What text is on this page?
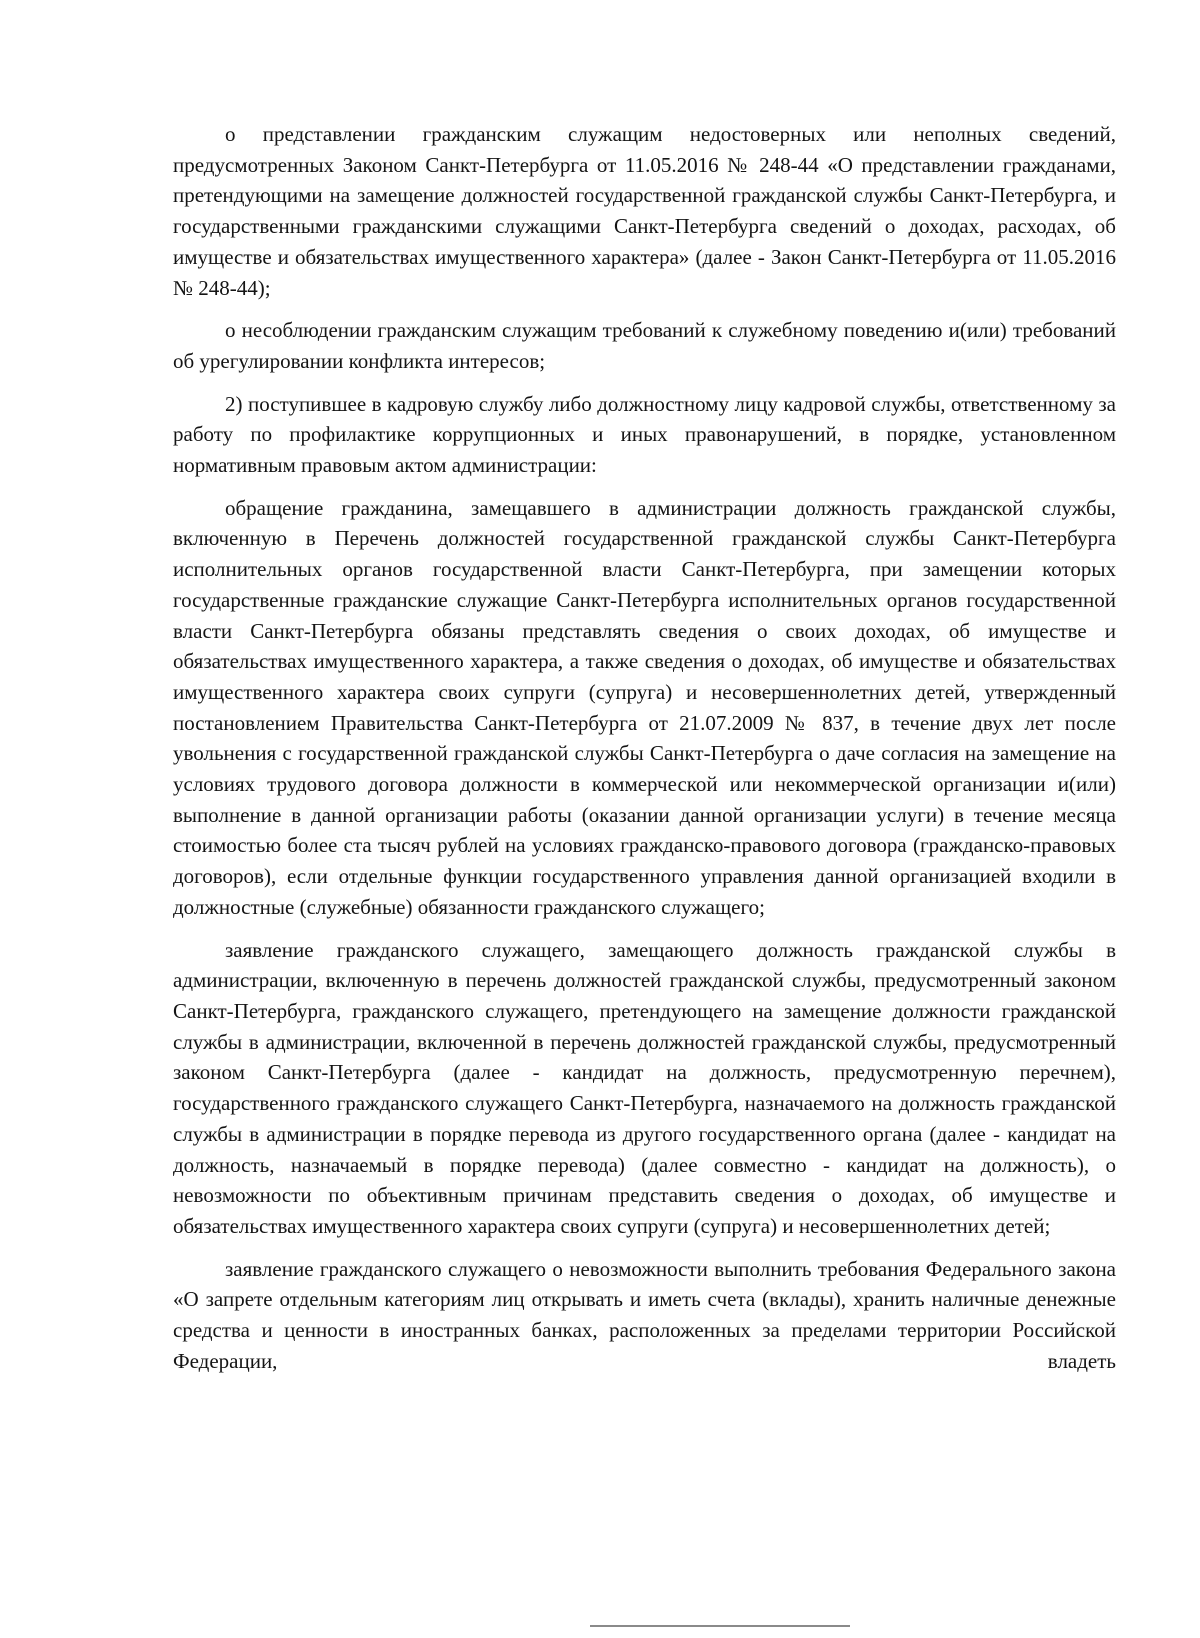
о представлении гражданским служащим недостоверных или неполных сведений, предусмотренных Законом Санкт-Петербурга от 11.05.2016 № 248-44 «О представлении гражданами, претендующими на замещение должностей государственной гражданской службы Санкт-Петербурга, и государственными гражданскими служащими Санкт-Петербурга сведений о доходах, расходах, об имуществе и обязательствах имущественного характера» (далее - Закон Санкт-Петербурга от 11.05.2016 № 248-44);

о несоблюдении гражданским служащим требований к служебному поведению и(или) требований об урегулировании конфликта интересов;

2) поступившее в кадровую службу либо должностному лицу кадровой службы, ответственному за работу по профилактике коррупционных и иных правонарушений, в порядке, установленном нормативным правовым актом администрации:

обращение гражданина, замещавшего в администрации должность гражданской службы, включенную в Перечень должностей государственной гражданской службы Санкт-Петербурга исполнительных органов государственной власти Санкт-Петербурга, при замещении которых государственные гражданские служащие Санкт-Петербурга исполнительных органов государственной власти Санкт-Петербурга обязаны представлять сведения о своих доходах, об имуществе и обязательствах имущественного характера, а также сведения о доходах, об имуществе и обязательствах имущественного характера своих супруги (супруга) и несовершеннолетних детей, утвержденный постановлением Правительства Санкт-Петербурга от 21.07.2009 № 837, в течение двух лет после увольнения с государственной гражданской службы Санкт-Петербурга о даче согласия на замещение на условиях трудового договора должности в коммерческой или некоммерческой организации и(или) выполнение в данной организации работы (оказании данной организации услуги) в течение месяца стоимостью более ста тысяч рублей на условиях гражданско-правового договора (гражданско-правовых договоров), если отдельные функции государственного управления данной организацией входили в должностные (служебные) обязанности гражданского служащего;

заявление гражданского служащего, замещающего должность гражданской службы в администрации, включенную в перечень должностей гражданской службы, предусмотренный законом Санкт-Петербурга, гражданского служащего, претендующего на замещение должности гражданской службы в администрации, включенной в перечень должностей гражданской службы, предусмотренный законом Санкт-Петербурга (далее - кандидат на должность, предусмотренную перечнем), государственного гражданского служащего Санкт-Петербурга, назначаемого на должность гражданской службы в администрации в порядке перевода из другого государственного органа (далее - кандидат на должность, назначаемый в порядке перевода) (далее совместно - кандидат на должность), о невозможности по объективным причинам представить сведения о доходах, об имуществе и обязательствах имущественного характера своих супруги (супруга) и несовершеннолетних детей;

заявление гражданского служащего о невозможности выполнить требования Федерального закона «О запрете отдельным категориям лиц открывать и иметь счета (вклады), хранить наличные денежные средства и ценности в иностранных банках, расположенных за пределами территории Российской Федерации, владеть
